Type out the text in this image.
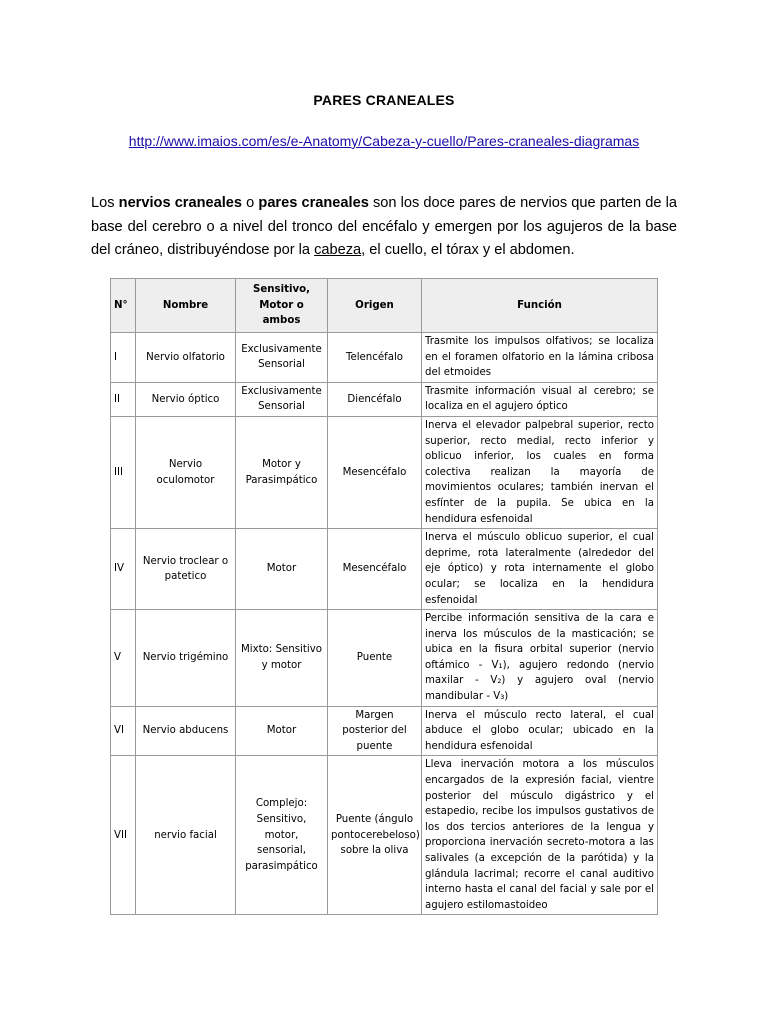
PARES CRANEALES
http://www.imaios.com/es/e-Anatomy/Cabeza-y-cuello/Pares-craneales-diagramas

Los nervios craneales o pares craneales son los doce pares de nervios que parten de la base del cerebro o a nivel del tronco del encéfalo y emergen por los agujeros de la base del cráneo, distribuyéndose por la cabeza, el cuello, el tórax y el abdomen.

N°	Nombre	Sensitivo, Motor o ambos	Origen	Función
I	Nervio olfatorio	Exclusivamente Sensorial	Telencéfalo	Trasmite los impulsos olfativos; se localiza en el foramen olfatorio en la lámina cribosa del etmoides
II	Nervio óptico	Exclusivamente Sensorial	Diencéfalo	Trasmite información visual al cerebro; se localiza en el agujero óptico
III	Nervio oculomotor	Motor y Parasimpático	Mesencéfalo	Inerva el elevador palpebral superior, recto superior, recto medial, recto inferior y oblicuo inferior, los cuales en forma colectiva realizan la mayoría de movimientos oculares; también inervan el esfínter de la pupila. Se ubica en la hendidura esfenoidal
IV	Nervio troclear o patetico	Motor	Mesencéfalo	Inerva el músculo oblicuo superior, el cual deprime, rota lateralmente (alrededor del eje óptico) y rota internamente el globo ocular; se localiza en la hendidura esfenoidal
V	Nervio trigémino	Mixto: Sensitivo y motor	Puente	Percibe información sensitiva de la cara e inerva los músculos de la masticación; se ubica en la fisura orbital superior (nervio oftámico - V₁), agujero redondo (nervio maxilar - V₂) y agujero oval (nervio mandibular - V₃)
VI	Nervio abducens	Motor	Margen posterior del puente	Inerva el músculo recto lateral, el cual abduce el globo ocular; ubicado en la hendidura esfenoidal
VII	nervio facial	Complejo: Sensitivo, motor, sensorial, parasimpático	Puente (ángulo pontocerebeloso) sobre la oliva	Lleva inervación motora a los músculos encargados de la expresión facial, vientre posterior del músculo digástrico y el estapedio, recibe los impulsos gustativos de los dos tercios anteriores de la lengua y proporciona inervación secreto-motora a las salivales (a excepción de la parótida) y la glándula lacrimal; recorre el canal auditivo interno hasta el canal del facial y sale por el agujero estilomastoideo
